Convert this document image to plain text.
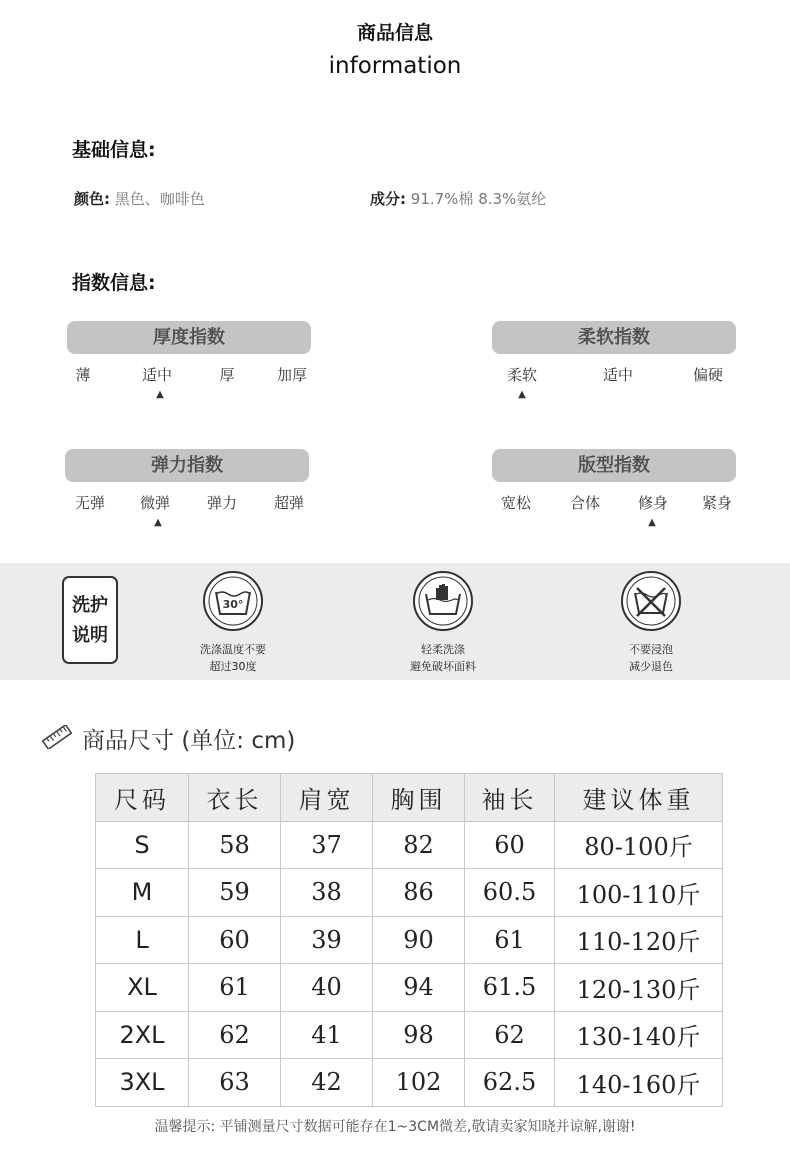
商品信息
information
基础信息:
颜色: 黑色、咖啡色	成分: 91.7%棉 8.3%氨纶
指数信息:
厚度指数
薄	适中	厚	加厚
▲
柔软指数
柔软	适中	偏硬
▲
弹力指数
无弹 微弹 弹力 超弹
▲
版型指数
宽松	合体	修身 紧身
▲
洗护
说明
30°
洗涤温度不要
超过30度
轻柔洗涤
避免破坏面料
不要浸泡
减少退色
商品尺寸 (单位: cm)
尺码	衣长	肩宽	胸围	袖长	建议体重
S	58	37	82	60	80-100斤
M	59	38	86	60.5	100-110斤
L	60	39	90	61	110-120斤
XL	61	40	94	61.5	120-130斤
2XL	62	41	98	62	130-140斤
3XL	63	42	102	62.5	140-160斤
温馨提示: 平铺测量尺寸数据可能存在1~3CM微差,敬请卖家知晓并谅解,谢谢!
